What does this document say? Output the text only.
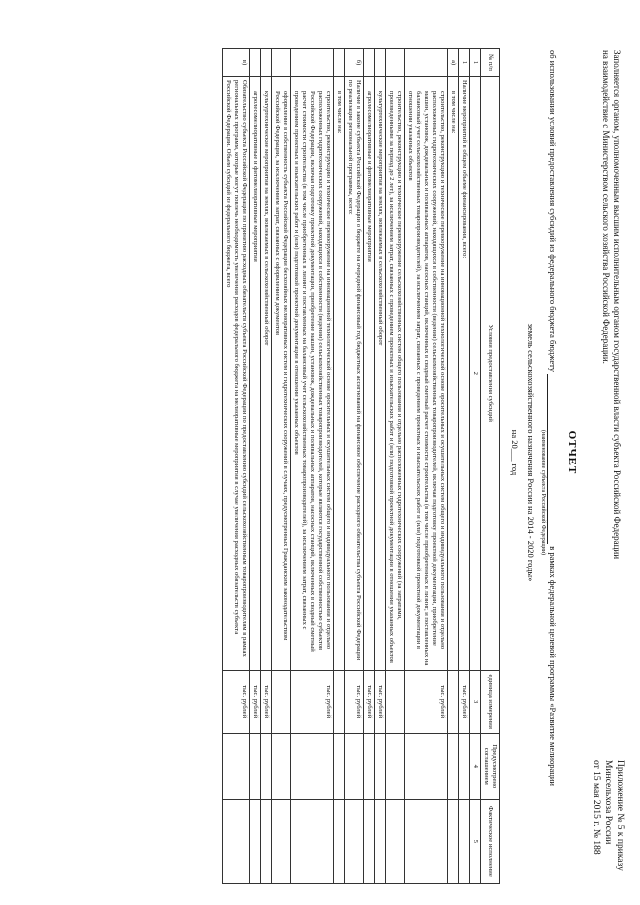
Приложение № 5 к приказу
Минсельхоза России
от 15 мая 2015 г. № 188
Заполняется органом, уполномоченным высшим исполнительным органом государственной власти субъекта Российской Федерации на взаимодействие с Министерством сельского хозяйства Российской Федерации.
ОТЧЕТ
об использовании условий предоставления субсидий из федерального бюджета бюджету   в рамках федеральной целевой программы «Развитие мелиорации
(наименование субъекта Российской Федерации)
земель сельскохозяйственного назначения России на 2014 - 2020 годы»
на 20___ год
№ п/п	Условия предоставления субсидий	единица измерения	Предусмотрено соглашением	Фактическое исполнение
1	2	3	4	5
1	Наличие мероприятий в общем объеме финансирования, всего:	тыс. рублей		
а)	в том числе на:			
	строительство, реконструкцию и техническое перевооружение на инновационной технологической основе оросительных и осушительных систем общего и индивидуального пользования и отдельно расположенных гидротехнических сооружений, находящихся в собственности (ведении) сельскохозяйственных товаропроизводителей, включая подготовку проектной документации, приобретение машин, установок, дождевальных и поливальных аппаратов, насосных станций, включенных в сводный сметный расчет стоимости строительства (в том числе приобретенных в лизинг, и поставленных на балансовый учет сельскохозяйственных товаропроизводителей), за исключением затрат, связанных с проведением проектных и изыскательских работ и (или) подготовкой проектной документации в отношении указанных объектов	тыс. рублей		
	строительство, реконструкцию и техническое перевооружение сельскохозяйственных систем общего пользования и отдельно расположенных гидротехнических сооружений (за затратами, произведенными за период до 2 лет), за исключением затрат, связанных с проведением проектных и изыскательских работ и (или) подготовкой проектной документации в отношении указанных объектов			
	культуртехнические мероприятия на землях, вовлекаемых в сельскохозяйственный оборот	тыс. рублей		
	агролесомелиоративные и фитомелиоративные мероприятия	тыс. рублей		
б)	Наличие в законе субъекта Российской Федерации о бюджете на очередной финансовый год бюджетных ассигнований на финансовое обеспечение расходного обязательства субъекта Российской Федерации по реализации региональной программы, всего:	тыс. рублей		
	в том числе на:			
	строительство, реконструкцию и техническое перевооружение на инновационной технологической основе оросительных и осушительных систем общего и индивидуального пользования и отдельно расположенных гидротехнических сооружений, находящихся в собственности (ведении) сельскохозяйственных товаропроизводителей, которые являются государственной собственностью субъектов Российской Федерации, включая подготовку проектной документации, приобретение машин, установок, дождевальных и поливальных аппаратов, насосных станций, включенных в сводный сметный расчет стоимости строительства (в том числе приобретенных в лизинг и поставленных на балансовый учет сельскохозяйственных товаропроизводителей), за исключением затрат, связанных с проведением проектных и изыскательских работ и (или) подготовкой проектной документации в отношении указанных объектов	тыс. рублей		
	оформление в собственность субъекта Российской Федерации бесхозяйных мелиоративных систем и гидротехнических сооружений в случаях, предусмотренных Гражданским законодательством Российской Федерации, за исключением затрат, связанных с оформлением документов			
	культуртехнические мероприятия на землях, вовлекаемых в сельскохозяйственный оборот	тыс. рублей		
	агролесомелиоративные и фитомелиоративные мероприятия	тыс. рублей		
в)	Обязательство субъекта Российской Федерации по принятию расходных обязательств субъекта Российской Федерации по предоставлению субсидий сельскохозяйственным товаропроизводителям в рамках региональных программ, которые могут повлечь необходимость увеличения расходов федерального бюджета на мелиоративные мероприятия в случае увеличения расходных обязательств субъекта Российской Федерации. Объем субсидий из федерального бюджета, всего	тыс. рублей		
